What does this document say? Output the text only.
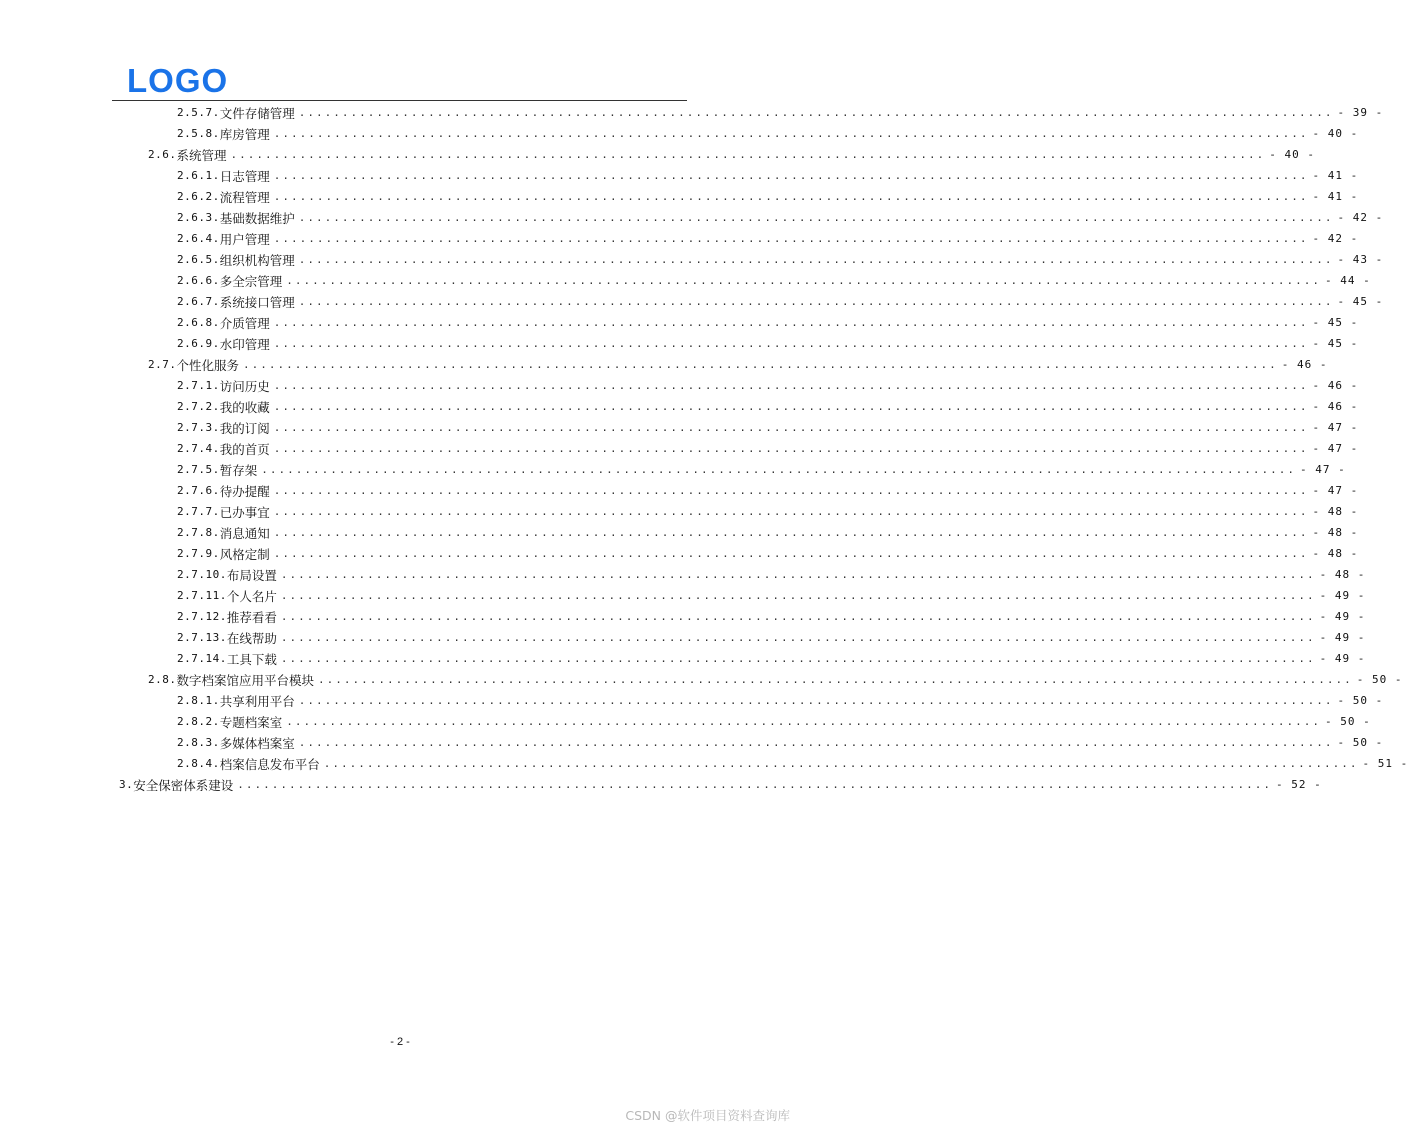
LOGO
2.5.7. 文件存储管理 ........................................................................................................................ - 39 -
2.5.8. 库房管理 ........................................................................................................................ - 40 -
2.6. 系统管理 ........................................................................................................................ - 40 -
2.6.1. 日志管理 ........................................................................................................................ - 41 -
2.6.2. 流程管理 ........................................................................................................................ - 41 -
2.6.3. 基础数据维护 ........................................................................................................................ - 42 -
2.6.4. 用户管理 ........................................................................................................................ - 42 -
2.6.5. 组织机构管理 ........................................................................................................................ - 43 -
2.6.6. 多全宗管理 ........................................................................................................................ - 44 -
2.6.7. 系统接口管理 ........................................................................................................................ - 45 -
2.6.8. 介质管理 ........................................................................................................................ - 45 -
2.6.9. 水印管理 ........................................................................................................................ - 45 -
2.7. 个性化服务 ........................................................................................................................ - 46 -
2.7.1. 访问历史 ........................................................................................................................ - 46 -
2.7.2. 我的收藏 ........................................................................................................................ - 46 -
2.7.3. 我的订阅 ........................................................................................................................ - 47 -
2.7.4. 我的首页 ........................................................................................................................ - 47 -
2.7.5. 暂存架 ........................................................................................................................ - 47 -
2.7.6. 待办提醒 ........................................................................................................................ - 47 -
2.7.7. 已办事宜 ........................................................................................................................ - 48 -
2.7.8. 消息通知 ........................................................................................................................ - 48 -
2.7.9. 风格定制 ........................................................................................................................ - 48 -
2.7.10. 布局设置 ........................................................................................................................ - 48 -
2.7.11. 个人名片 ........................................................................................................................ - 49 -
2.7.12. 推荐看看 ........................................................................................................................ - 49 -
2.7.13. 在线帮助 ........................................................................................................................ - 49 -
2.7.14. 工具下载 ........................................................................................................................ - 49 -
2.8. 数字档案馆应用平台模块 ........................................................................................................................ - 50 -
2.8.1. 共享利用平台 ........................................................................................................................ - 50 -
2.8.2. 专题档案室 ........................................................................................................................ - 50 -
2.8.3. 多媒体档案室 ........................................................................................................................ - 50 -
2.8.4. 档案信息发布平台 ........................................................................................................................ - 51 -
3. 安全保密体系建设 ........................................................................................................................ - 52 -
- 2 -
CSDN @软件项目资料查询库
